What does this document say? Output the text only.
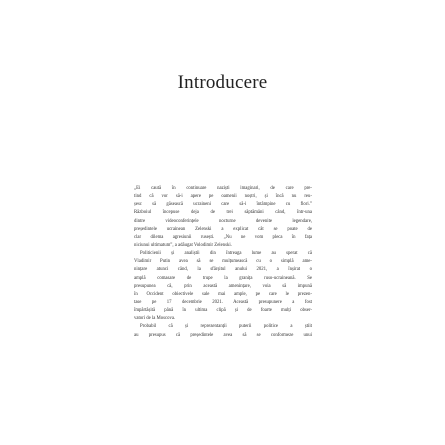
Introducere
„Ei caută în continuare naziști imaginari, de care pre-
tind că vor să-i apere pe oamenii noștri, și încă nu reu-
șesc să găsească ucraineni care să-i întâmpine cu flori.”
Războiul începuse deja de trei săptămâni când, într-una
dintre videoconferințele nocturne devenite legendare,
președintele ucrainean Zelenski a explicat cât se poate de
clar dilema agresiunii rusești. „Nu ne vom pleca în fața
niciunui ultimatum”, a adăugat Volodimir Zelenski.
Politicienii și analiștii din întreaga lume au sperat că
Vladimir Putin avea să se mulțumească cu o simplă ame-
nințare atunci când, la sfârșitul anului 2021, a înșirat o
amplă comasare de trupe la granița ruso-ucraineană. Se
presupunea că, prin această amenințare, voia să impună
în Occident obiectivele sale mai ample, pe care le prezen-
tase pe 17 decembrie 2021. Această presupunere a fost
împărtășită până în ultima clipă și de foarte mulți obser-
vatori de la Moscova.
Probabil că și reprezentanții puterii politice a știit
au presupus că președintele avea să se conformeze unui
